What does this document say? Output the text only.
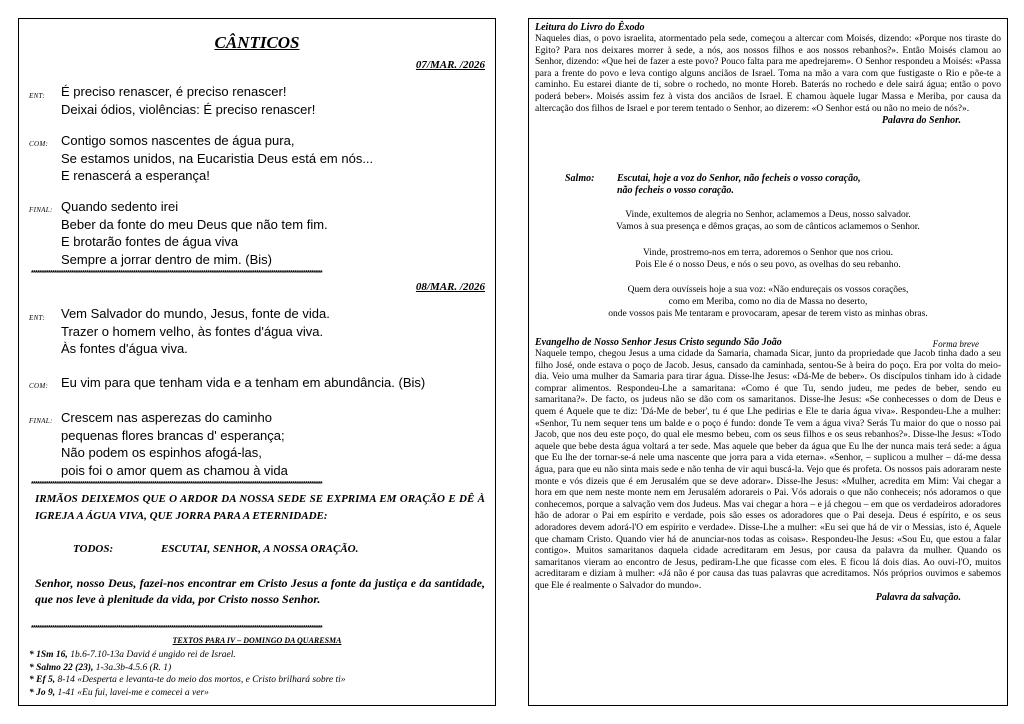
CÂNTICOS
07/MAR. /2026
ENT: É preciso renascer, é preciso renascer!
Deixai ódios, violências: É preciso renascer!
COM: Contigo somos nascentes de água pura,
Se estamos unidos, na Eucaristia Deus está em nós...
E renascerá a esperança!
FINAL: Quando sedento irei
Beber da fonte do meu Deus que não tem fim.
E brotarão fontes de água viva
Sempre a jorrar dentro de mim. (Bis)
*****************************************************************************************************************************************
08/MAR. /2026
ENT: Vem Salvador do mundo, Jesus, fonte de vida.
Trazer o homem velho, às fontes d'água viva.
Às fontes d'água viva.
COM: Eu vim para que tenham vida e a tenham em abundância. (Bis)
FINAL: Crescem nas asperezas do caminho
pequenas flores brancas d' esperança;
Não podem os espinhos afogá-las,
pois foi o amor quem as chamou à vida
*****************************************************************************************************************************************
IRMÃOS DEIXEMOS QUE O ARDOR DA NOSSA SEDE SE EXPRIMA EM ORAÇÃO E DÊ À IGREJA A ÁGUA VIVA, QUE JORRA PARA A ETERNIDADE:
TODOS:	ESCUTAI, SENHOR, A NOSSA ORAÇÃO.
Senhor, nosso Deus, fazei-nos encontrar em Cristo Jesus a fonte da justiça e da santidade, que nos leve à plenitude da vida, por Cristo nosso Senhor.
*****************************************************************************************************************************************
TEXTOS PARA IV – DOMINGO DA QUARESMA
* 1Sm 16, 1b.6-7.10-13a David é ungido rei de Israel.
* Salmo 22 (23), 1-3a.3b-4.5.6 (R. 1)
* Ef 5, 8-14 «Desperta e levanta-te do meio dos mortos, e Cristo brilhará sobre ti»
* Jo 9, 1-41 «Eu fui, lavei-me e comecei a ver»
Leitura do Livro do Êxodo
Naqueles dias, o povo israelita, atormentado pela sede, começou a altercar com Moisés, dizendo: «Porque nos tiraste do Egito? Para nos deixares morrer à sede, a nós, aos nossos filhos e aos nossos rebanhos?». Então Moisés clamou ao Senhor, dizendo: «Que hei de fazer a este povo? Pouco falta para me apedrejarem». O Senhor respondeu a Moisés: «Passa para a frente do povo e leva contigo alguns anciãos de Israel. Toma na mão a vara com que fustigaste o Rio e põe-te a caminho. Eu estarei diante de ti, sobre o rochedo, no monte Horeb. Baterás no rochedo e dele sairá água; então o povo poderá beber». Moisés assim fez à vista dos anciãos de Israel. E chamou àquele lugar Massa e Meriba, por causa da altercação dos filhos de Israel e por terem tentado o Senhor, ao dizerem: «O Senhor está ou não no meio de nós?».
Palavra do Senhor.
Salmo: Escutai, hoje a voz do Senhor, não fecheis o vosso coração,
não fecheis o vosso coração.
Vinde, exultemos de alegria no Senhor, aclamemos a Deus, nosso salvador.
Vamos à sua presença e dêmos graças, ao som de cânticos aclamemos o Senhor.
Vinde, prostremo-nos em terra, adoremos o Senhor que nos criou.
Pois Ele é o nosso Deus, e nós o seu povo, as ovelhas do seu rebanho.
Quem dera ouvísseis hoje a sua voz: «Não endureçais os vossos corações,
como em Meriba, como no dia de Massa no deserto,
onde vossos pais Me tentaram e provocaram, apesar de terem visto as minhas obras.
Evangelho de Nosso Senhor Jesus Cristo segundo São João	Forma breve
Naquele tempo, chegou Jesus a uma cidade da Samaria, chamada Sicar, junto da propriedade que Jacob tinha dado a seu filho José, onde estava o poço de Jacob. Jesus, cansado da caminhada, sentou-Se à beira do poço. Era por volta do meio-dia. Veio uma mulher da Samaria para tirar água. Disse-lhe Jesus: «Dá-Me de beber». Os discípulos tinham ido à cidade comprar alimentos. Respondeu-Lhe a samaritana: «Como é que Tu, sendo judeu, me pedes de beber, sendo eu samaritana?». De facto, os judeus não se dão com os samaritanos. Disse-lhe Jesus: «Se conhecesses o dom de Deus e quem é Aquele que te diz: 'Dá-Me de beber', tu é que Lhe pedirias e Ele te daria água viva». Respondeu-Lhe a mulher: «Senhor, Tu nem sequer tens um balde e o poço é fundo: donde Te vem a água viva? Serás Tu maior do que o nosso pai Jacob, que nos deu este poço, do qual ele mesmo bebeu, com os seus filhos e os seus rebanhos?». Disse-lhe Jesus: «Todo aquele que bebe desta água voltará a ter sede. Mas aquele que beber da água que Eu lhe der nunca mais terá sede: a água que Eu lhe der tornar-se-á nele uma nascente que jorra para a vida eterna». «Senhor, – suplicou a mulher – dá-me dessa água, para que eu não sinta mais sede e não tenha de vir aqui buscá-la. Vejo que és profeta. Os nossos pais adoraram neste monte e vós dizeis que é em Jerusalém que se deve adorar». Disse-lhe Jesus: «Mulher, acredita em Mim: Vai chegar a hora em que nem neste monte nem em Jerusalém adorareis o Pai. Vós adorais o que não conheceis; nós adoramos o que conhecemos, porque a salvação vem dos Judeus. Mas vai chegar a hora – e já chegou – em que os verdadeiros adoradores hão de adorar o Pai em espírito e verdade, pois são esses os adoradores que o Pai deseja. Deus é espírito, e os seus adoradores devem adorá-l'O em espírito e verdade». Disse-Lhe a mulher: «Eu sei que há de vir o Messias, isto é, Aquele que chamam Cristo. Quando vier há de anunciar-nos todas as coisas». Respondeu-lhe Jesus: «Sou Eu, que estou a falar contigo». Muitos samaritanos daquela cidade acreditaram em Jesus, por causa da palavra da mulher. Quando os samaritanos vieram ao encontro de Jesus, pediram-Lhe que ficasse com eles. E ficou lá dois dias. Ao ouvi-l'O, muitos acreditaram e diziam à mulher: «Já não é por causa das tuas palavras que acreditamos. Nós próprios ouvimos e sabemos que Ele é realmente o Salvador do mundo».
Palavra da salvação.
